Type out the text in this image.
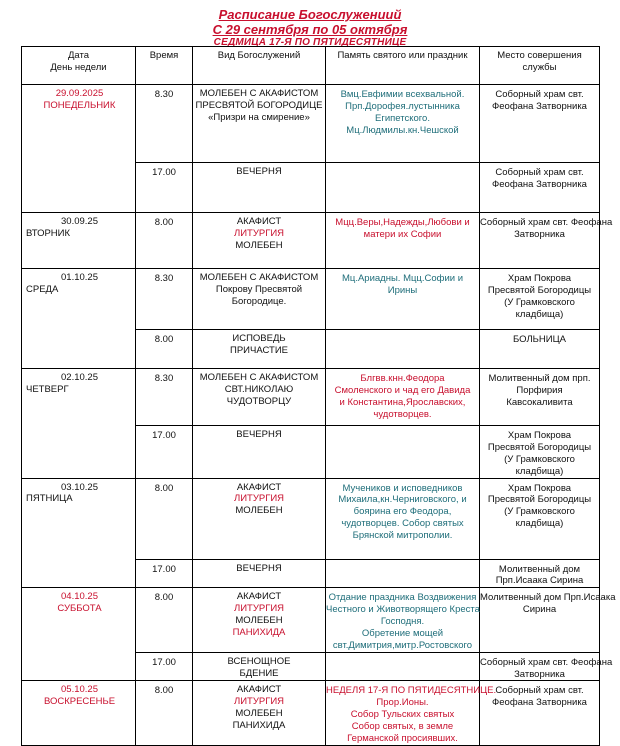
Расписание Богослужениий
С 29 сентября по 05 октября
СЕДМИЦА 17-Я ПО ПЯТИДЕСЯТНИЦЕ
Дата
День недели	Время	Вид Богослужений	Память святого или праздник	Место совершения
службы

29.09.2025
ПОНЕДЕЛЬНИК	8.30	МОЛЕБЕН С АКАФИСТОМ
ПРЕСВЯТОЙ БОГОРОДИЦЕ
«Призри на смирение»	Вмц.Евфимии всехвальной.
Прп.Дорофея.лустынника
Египетского.
Мц.Людмилы.кн.Чешской	Соборный храм свт.
Феофана Затворника

	17.00	ВЕЧЕРНЯ		Соборный храм свт.
Феофана Затворника

30.09.25
ВТОРНИК	8.00	АКАФИСТ
ЛИТУРГИЯ
МОЛЕБЕН	Мцц.Веры,Надежды,Любови и
матери их Софии	Соборный храм свт. Феофана
Затворника

01.10.25
СРЕДА	8.30	МОЛЕБЕН С АКАФИСТОМ
Покрову Пресвятой
Богородице.	Мц.Ариадны. Мцц.Софии и
Ирины	Храм Покрова
Пресвятой Богородицы
(У Грамковского
кладбища)

	8.00	ИСПОВЕДЬ
ПРИЧАСТИЕ		БОЛЬНИЦА

02.10.25
ЧЕТВЕРГ	8.30	МОЛЕБЕН С АКАФИСТОМ
СВТ.НИКОЛАЮ
ЧУДОТВОРЦУ	Блгвв.кнн.Феодора
Смоленского и чад его Давида
и Константина,Ярославских,
чудотворцев.	Молитвенный дом прп.
Порфирия
Кавсокаливита

	17.00	ВЕЧЕРНЯ		Храм Покрова
Пресвятой Богородицы
(У Грамковского
кладбища)

03.10.25
ПЯТНИЦА	8.00	АКАФИСТ
ЛИТУРГИЯ
МОЛЕБЕН	Мучеников и исповедников
Михаила,кн.Черниговского, и
боярина его Феодора,
чудотворцев. Собор святых
Брянской митрополии.	Храм Покрова
Пресвятой Богородицы
(У Грамковского
кладбища)

	17.00	ВЕЧЕРНЯ		Молитвенный дом
Прп.Исаака Сирина

04.10.25
СУББОТА	8.00	АКАФИСТ
ЛИТУРГИЯ
МОЛЕБЕН
ПАНИХИДА	Отдание праздника Воздвижения
Честного и Животворящего Креста
Господня.
Обретение мощей
свт.Димитрия,митр.Ростовского	Молитвенный дом Прп.Исаака
Сирина

	17.00	ВСЕНОЩНОЕ
БДЕНИЕ		Соборный храм свт. Феофана
Затворника

05.10.25
ВОСКРЕСЕНЬЕ	8.00	АКАФИСТ
ЛИТУРГИЯ
МОЛЕБЕН
ПАНИХИДА	НЕДЕЛЯ 17-Я ПО ПЯТИДЕСЯТНИЦЕ.
Прор.Ионы.
Собор Тульских святых
Собор святых, в земле
Германской просиявших.	Соборный храм свт.
Феофана Затворника
